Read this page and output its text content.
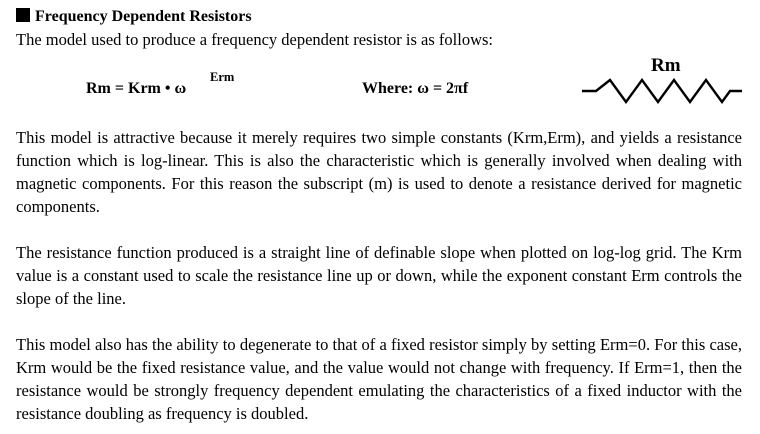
Frequency Dependent Resistors
The model used to produce a frequency dependent resistor is as follows:
Rm = Krm • ω
Erm
Where: ω = 2πf
Rm

This model is attractive because it merely requires two simple constants (Krm,Erm), and yields a resistance function which is log-linear. This is also the characteristic which is generally involved when dealing with magnetic components. For this reason the subscript (m) is used to denote a resistance derived for magnetic components.

The resistance function produced is a straight line of definable slope when plotted on log-log grid. The Krm value is a constant used to scale the resistance line up or down, while the exponent constant Erm controls the slope of the line.

This model also has the ability to degenerate to that of a fixed resistor simply by setting Erm=0. For this case, Krm would be the fixed resistance value, and the value would not change with frequency. If Erm=1, then the resistance would be strongly frequency dependent emulating the characteristics of a fixed inductor with the resistance doubling as frequency is doubled.
